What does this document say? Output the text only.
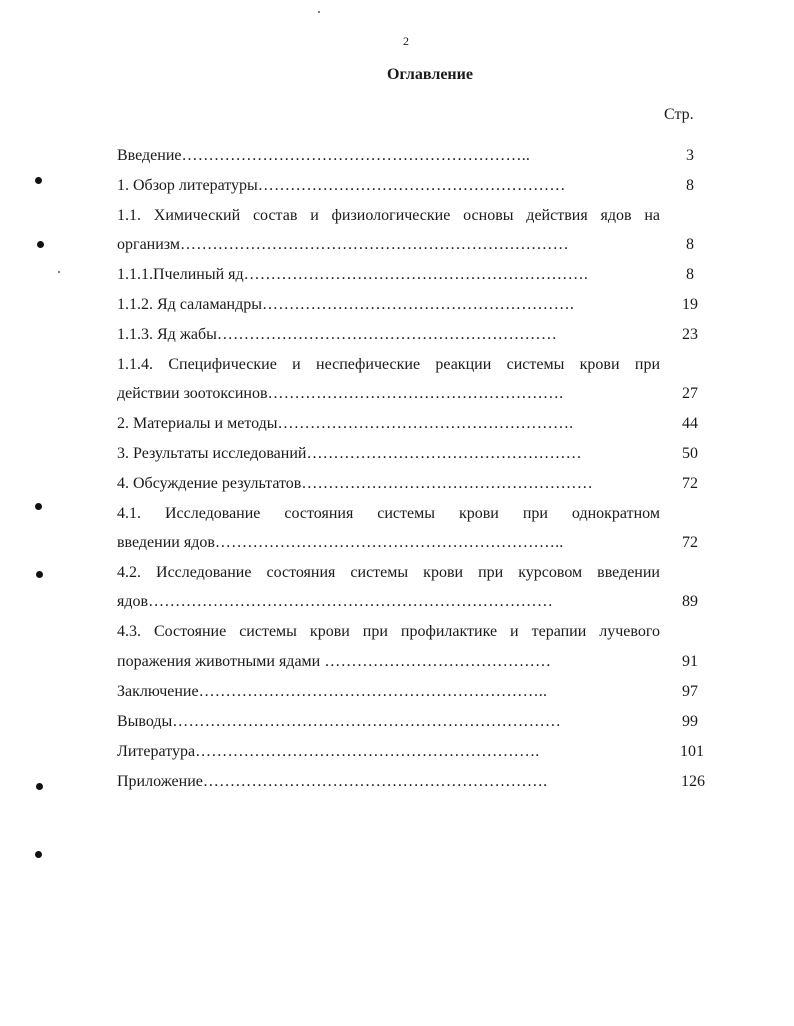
2
Оглавление
Стр.
Введение………………………………………………………..	3
1. Обзор литературы…………………………………………………	8
1.1. Химический состав и физиологические основы действия ядов на
организм………………………………………………………………	8
1.1.1.Пчелиный яд……………………………………………………….	8
1.1.2. Яд саламандры………………………………………………….	19
1.1.3. Яд жабы………………………………………………………	23
1.1.4. Специфические и неспефические реакции системы крови при
действии зоотоксинов……………………………………………….	27
2. Материалы и методы……………………………………………….	44
3. Результаты исследований……………………………………………	50
4. Обсуждение результатов………………………………………………	72
4.1. Исследование состояния системы крови при однократном
введении ядов………………………………………………………..	72
4.2. Исследование состояния системы крови при курсовом введении
ядов…………………………………………………………………	89
4.3. Состояние системы крови при профилактике и терапии лучевого
поражения животными ядами ……………………………………	91
Заключение………………………………………………………..	97
Выводы………………………………………………………………	99
Литература……………………………………………………….	101
Приложение……………………………………………………….	126
